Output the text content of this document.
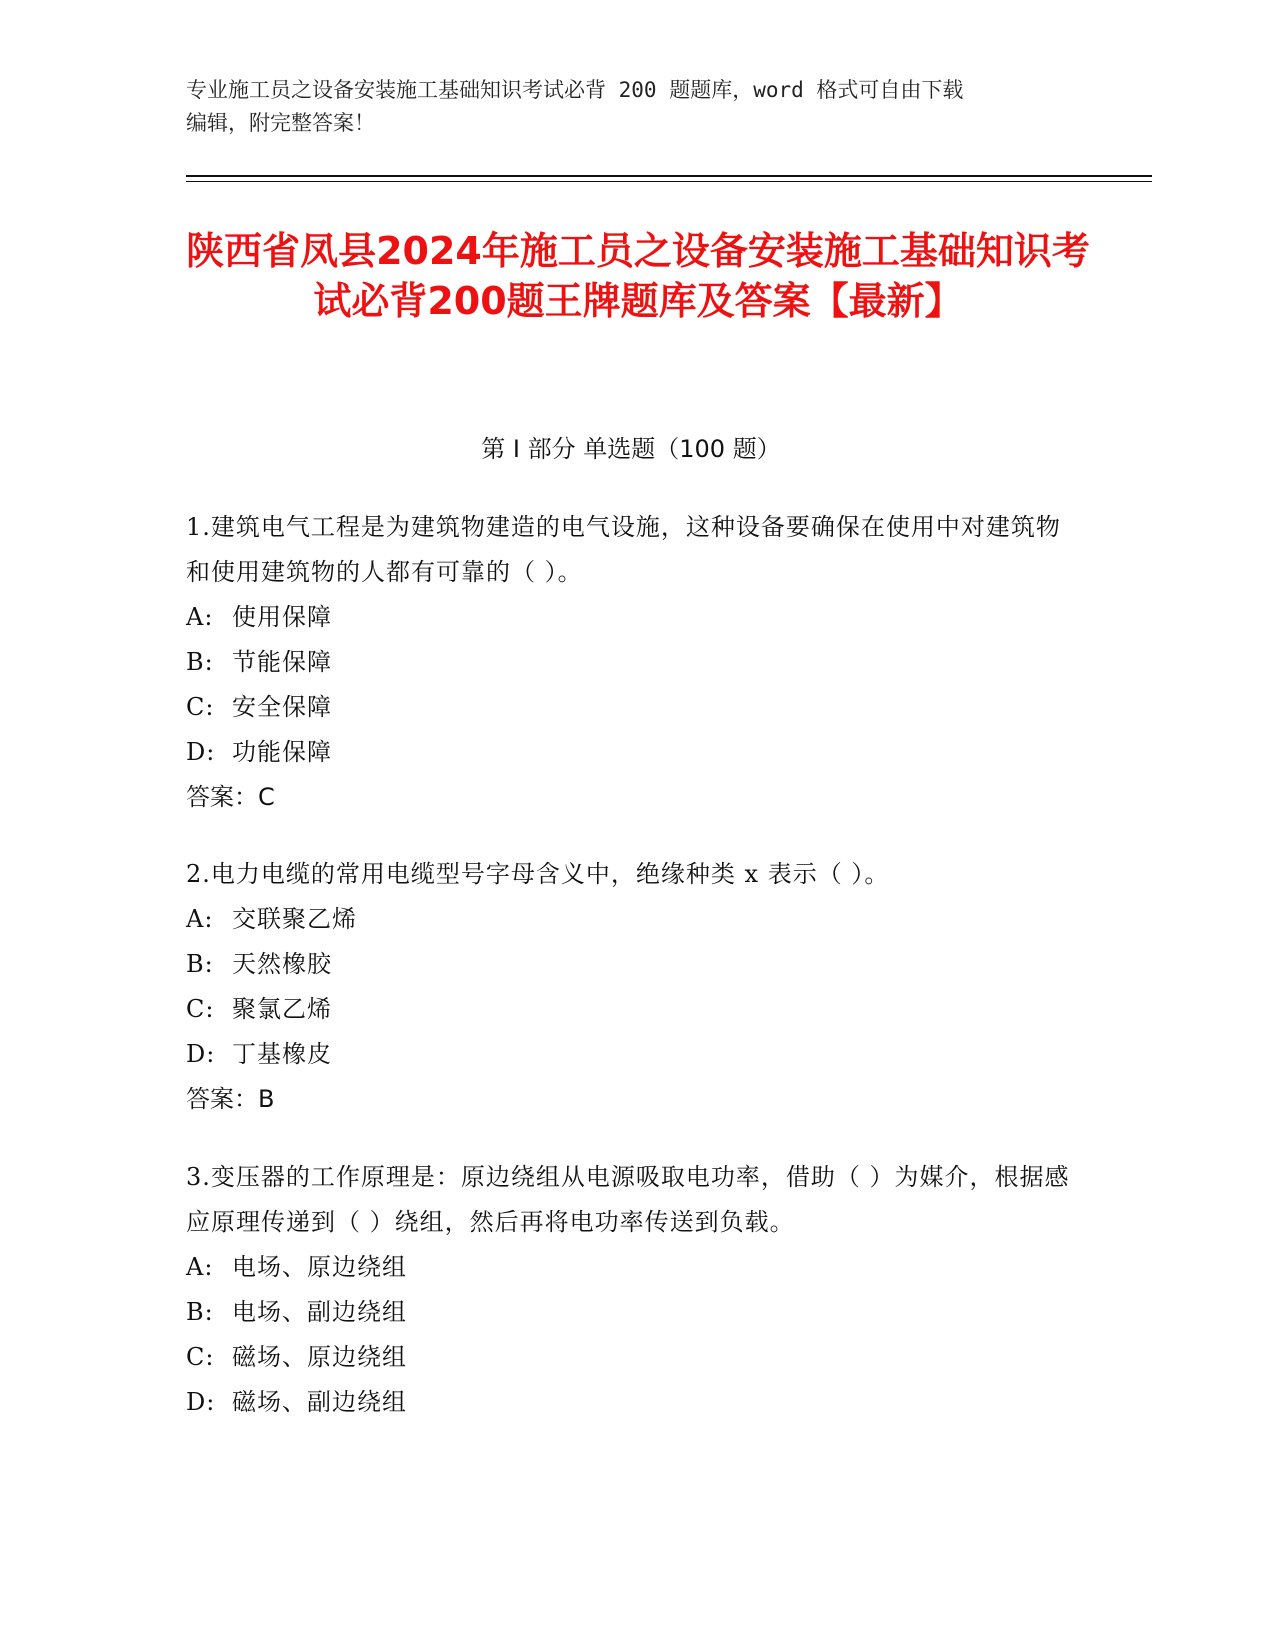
专业施工员之设备安装施工基础知识考试必背 200 题题库，word 格式可自由下载
编辑，附完整答案！
陕西省凤县2024年施工员之设备安装施工基础知识考试必背200题王牌题库及答案【最新】
第 I 部分 单选题（100 题）

1.建筑电气工程是为建筑物建造的电气设施，这种设备要确保在使用中对建筑物和使用建筑物的人都有可靠的（ ）。

A: 使用保障

B: 节能保障

C: 安全保障

D: 功能保障

答案：C

2.电力电缆的常用电缆型号字母含义中，绝缘种类 x 表示（ ）。

A: 交联聚乙烯

B: 天然橡胶

C: 聚氯乙烯

D: 丁基橡皮

答案：B

3.变压器的工作原理是：原边绕组从电源吸取电功率，借助（ ）为媒介，根据感应原理传递到（ ）绕组，然后再将电功率传送到负载。

A: 电场、原边绕组

B: 电场、副边绕组

C: 磁场、原边绕组

D: 磁场、副边绕组
